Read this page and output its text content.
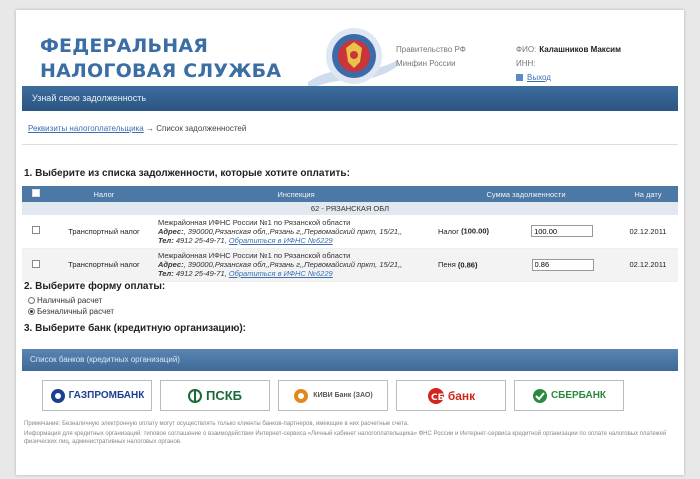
ФЕДЕРАЛЬНАЯ
НАЛОГОВАЯ СЛУЖБА
Правительство РФ
Минфин России
ФИО: Калашников Максим
ИНН:
Выход
Узнай свою задолженность
Реквизиты налогоплательщика → Список задолженностей
1. Выберите из списка задолженности, которые хотите оплатить:
	Налог	Инспекция	Сумма задолженности	На дату
62 - РЯЗАНСКАЯ ОБЛ				
	Транспортный налог	Межрайонная ИФНС России №1 по Рязанской области
Адрес:, 390000,Рязанская обл,,Рязань г,,Первомайский пркт, 15/21,,
Тел: 4912 25-49-71, Обратиться в ИФНС №6229	Налог (100.00) 100.00	02.12.2011
	Транспортный налог	Межрайонная ИФНС России №1 по Рязанской области
Адрес:, 390000,Рязанская обл,,Рязань г,,Первомайский пркт, 15/21,,
Тел: 4912 25-49-71, Обратиться в ИФНС №6229	Пеня (0.86) 0.86	02.12.2011
2. Выберите форму оплаты:
Наличный расчет
Безналичный расчет
3. Выберите банк (кредитную организацию):
Список банков (кредитных организаций)
ГАЗПРОМБАНК	ПСКБ	КИВИ Банк (ЗАО)	СБ банк	СБЕРБАНК
Примечание: Безналичную электронную оплату могут осуществлять только клиенты банков-партнеров, имеющие в них расчетные счета.
Информация для кредитных организаций: типовое соглашение о взаимодействии Интернет-сервиса «Личный кабинет налогоплательщика» ФНС России и Интернет-сервиса кредитной организации по оплате налоговых платежей физических лиц, административных налоговых органов.
